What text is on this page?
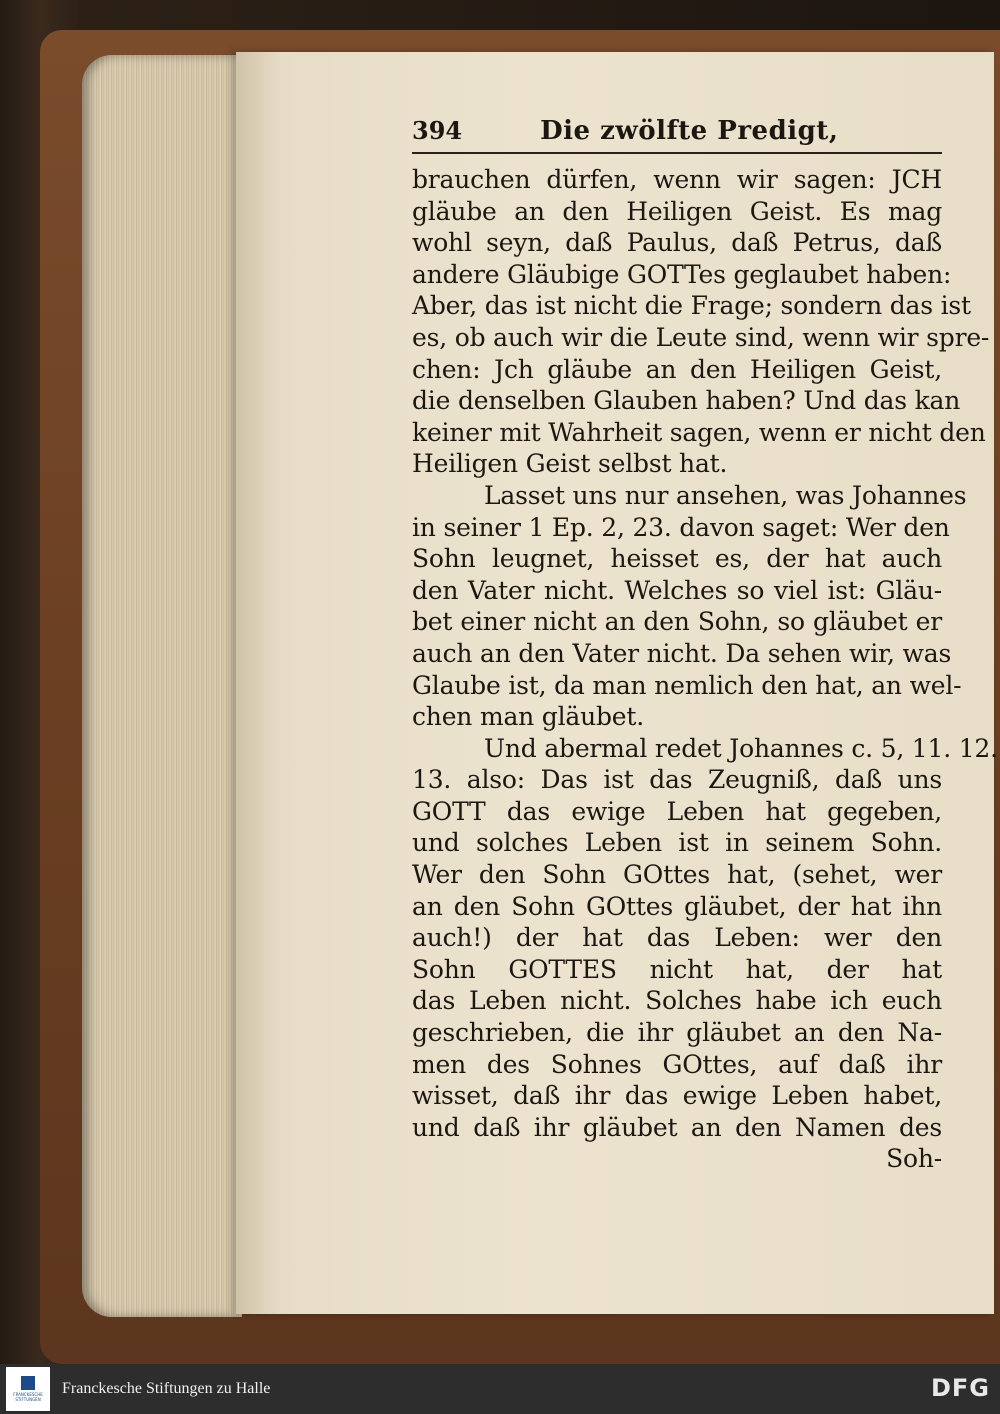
394	Die zwölfte Predigt,
brauchen dürfen, wenn wir sagen: JCH
gläube an den Heiligen Geist. Es mag
wohl seyn, daß Paulus, daß Petrus, daß
andere Gläubige GOTTes geglaubet haben:
Aber, das ist nicht die Frage; sondern das ist
es, ob auch wir die Leute sind, wenn wir spre-
chen: Jch gläube an den Heiligen Geist,
die denselben Glauben haben? Und das kan
keiner mit Wahrheit sagen, wenn er nicht den
Heiligen Geist selbst hat.
Lasset uns nur ansehen, was Johannes
in seiner 1 Ep. 2, 23. davon saget: Wer den
Sohn leugnet, heisset es, der hat auch
den Vater nicht. Welches so viel ist: Gläu-
bet einer nicht an den Sohn, so gläubet er
auch an den Vater nicht. Da sehen wir, was
Glaube ist, da man nemlich den hat, an wel-
chen man gläubet.
Und abermal redet Johannes c. 5, 11. 12.
13. also: Das ist das Zeugniß, daß uns
GOTT das ewige Leben hat gegeben,
und solches Leben ist in seinem Sohn.
Wer den Sohn GOttes hat, (sehet, wer
an den Sohn GOttes gläubet, der hat ihn
auch!) der hat das Leben: wer den
Sohn GOTTES nicht hat, der hat
das Leben nicht. Solches habe ich euch
geschrieben, die ihr gläubet an den Na-
men des Sohnes GOttes, auf daß ihr
wisset, daß ihr das ewige Leben habet,
und daß ihr gläubet an den Namen des
Soh-
FRANCKESCHE STIFTUNGEN
Franckesche Stiftungen zu Halle	DFG
